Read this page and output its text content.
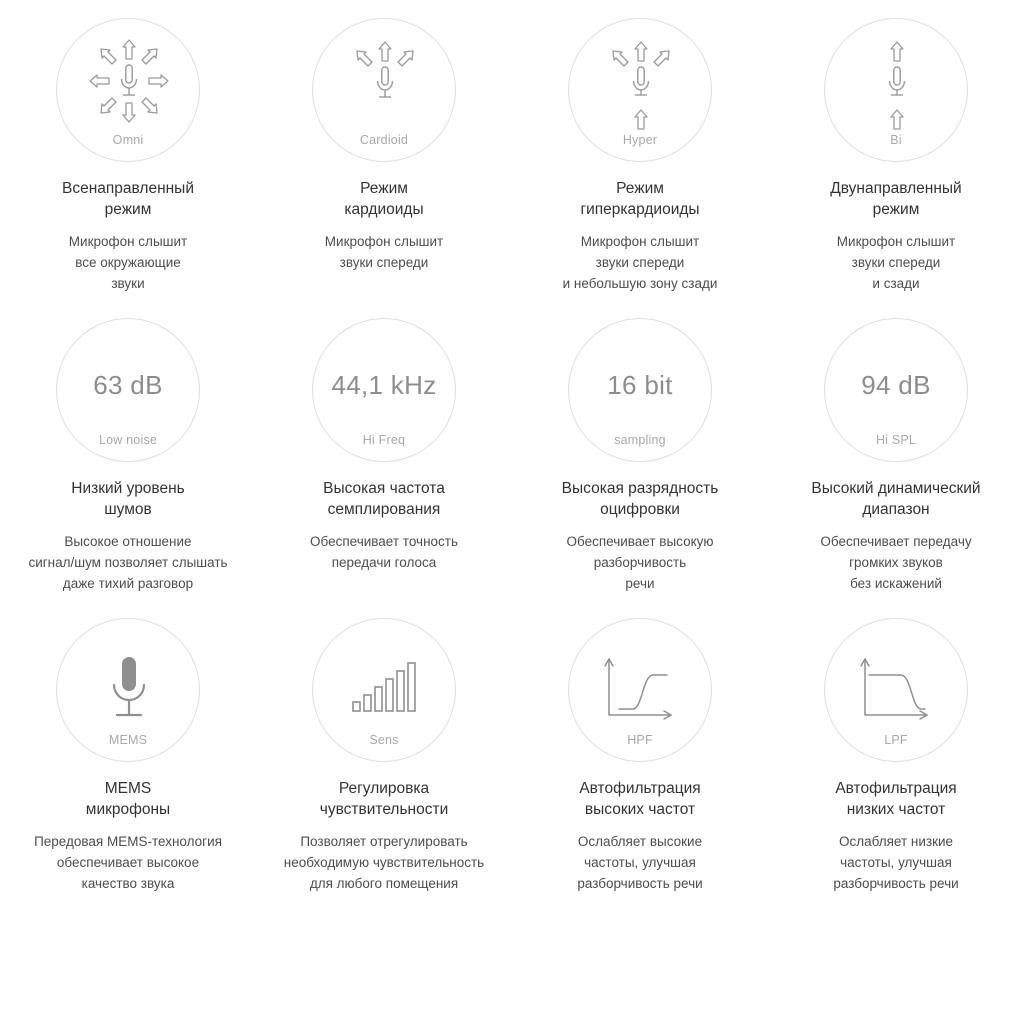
Omni
Всенаправленный
режим
Микрофон слышит
все окружающие
звуки
Cardioid
Режим
кардиоиды
Микрофон слышит
звуки спереди
Hyper
Режим
гиперкардиоиды
Микрофон слышит
звуки спереди
и небольшую зону сзади
Bi
Двунаправленный
режим
Микрофон слышит
звуки спереди
и сзади
63 dB
Low noise
Низкий уровень
шумов
Высокое отношение
сигнал/шум позволяет слышать
даже тихий разговор
44,1 kHz
Hi Freq
Высокая частота
семплирования
Обеспечивает точность
передачи голоса
16 bit
sampling
Высокая разрядность
оцифровки
Обеспечивает высокую
разборчивость
речи
94 dB
Hi SPL
Высокий динамический
диапазон
Обеспечивает передачу
громких звуков
без искажений
MEMS
MEMS
микрофоны
Передовая MEMS-технология
обеспечивает высокое
качество звука
Sens
Регулировка
чувствительности
Позволяет отрегулировать
необходимую чувствительность
для любого помещения
HPF
Автофильтрация
высоких частот
Ослабляет высокие
частоты, улучшая
разборчивость речи
LPF
Автофильтрация
низких частот
Ослабляет низкие
частоты, улучшая
разборчивость речи
